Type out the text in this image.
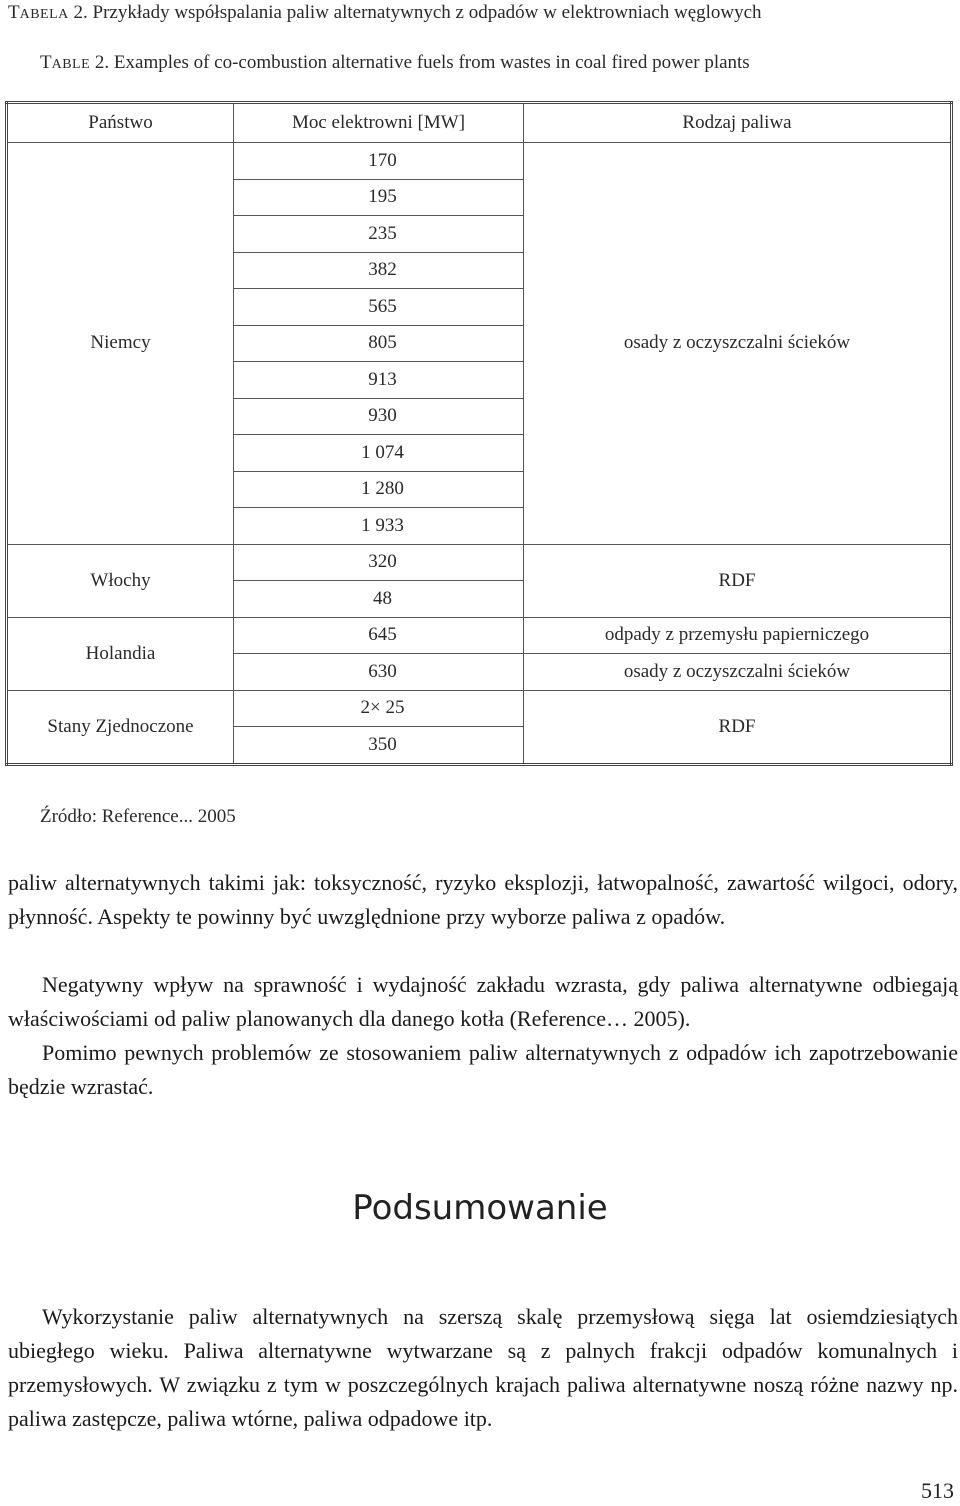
TABELA 2. Przykłady współspalania paliw alternatywnych z odpadów w elektrowniach węglowych
TABLE 2. Examples of co-combustion alternative fuels from wastes in coal fired power plants
Państwo	Moc elektrowni [MW]	Rodzaj paliwa
Niemcy	170	osady z oczyszczalni ścieków
	195	
	235	
	382	
	565	
	805	
	913	
	930	
	1 074	
	1 280	
	1 933	
Włochy	320	RDF
	48	
Holandia	645	odpady z przemysłu papierniczego
	630	osady z oczyszczalni ścieków
Stany Zjednoczone	2× 25	RDF
	350	
Źródło: Reference... 2005
paliw alternatywnych takimi jak: toksyczność, ryzyko eksplozji, łatwopalność, zawartość wilgoci, odory, płynność. Aspekty te powinny być uwzględnione przy wyborze paliwa z opadów.
Negatywny wpływ na sprawność i wydajność zakładu wzrasta, gdy paliwa alternatywne odbiegają właściwościami od paliw planowanych dla danego kotła (Reference… 2005).
Pomimo pewnych problemów ze stosowaniem paliw alternatywnych z odpadów ich zapotrzebowanie będzie wzrastać.
Podsumowanie
Wykorzystanie paliw alternatywnych na szerszą skalę przemysłową sięga lat osiemdziesiątych ubiegłego wieku. Paliwa alternatywne wytwarzane są z palnych frakcji odpadów komunalnych i przemysłowych. W związku z tym w poszczególnych krajach paliwa alternatywne noszą różne nazwy np. paliwa zastępcze, paliwa wtórne, paliwa odpadowe itp.
513
